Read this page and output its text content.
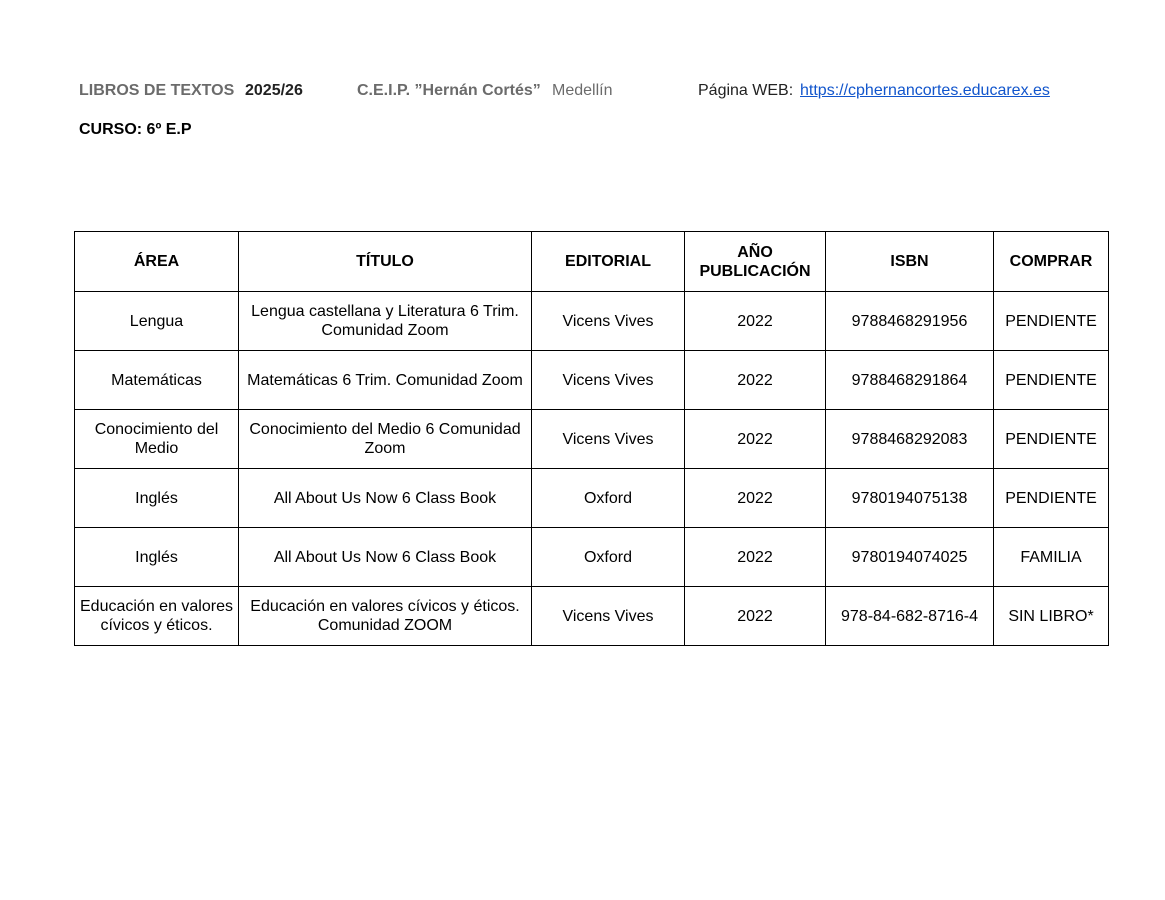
LIBROS DE TEXTOS 2025/26	C.E.I.P. ”Hernán Cortés” Medellín	Página WEB: https://cphernancortes.educarex.es
CURSO: 6º E.P
ÁREA	TÍTULO	EDITORIAL	AÑO PUBLICACIÓN	ISBN	COMPRAR
Lengua	Lengua castellana y Literatura 6 Trim. Comunidad Zoom	Vicens Vives	2022	9788468291956	PENDIENTE
Matemáticas	Matemáticas 6 Trim. Comunidad Zoom	Vicens Vives	2022	9788468291864	PENDIENTE
Conocimiento del Medio	Conocimiento del Medio 6 Comunidad Zoom	Vicens Vives	2022	9788468292083	PENDIENTE
Inglés	All About Us Now 6 Class Book	Oxford	2022	9780194075138	PENDIENTE
Inglés	All About Us Now 6 Class Book	Oxford	2022	9780194074025	FAMILIA
Educación en valores cívicos y éticos.	Educación en valores cívicos y éticos. Comunidad ZOOM	Vicens Vives	2022	978-84-682-8716-4	SIN LIBRO*
